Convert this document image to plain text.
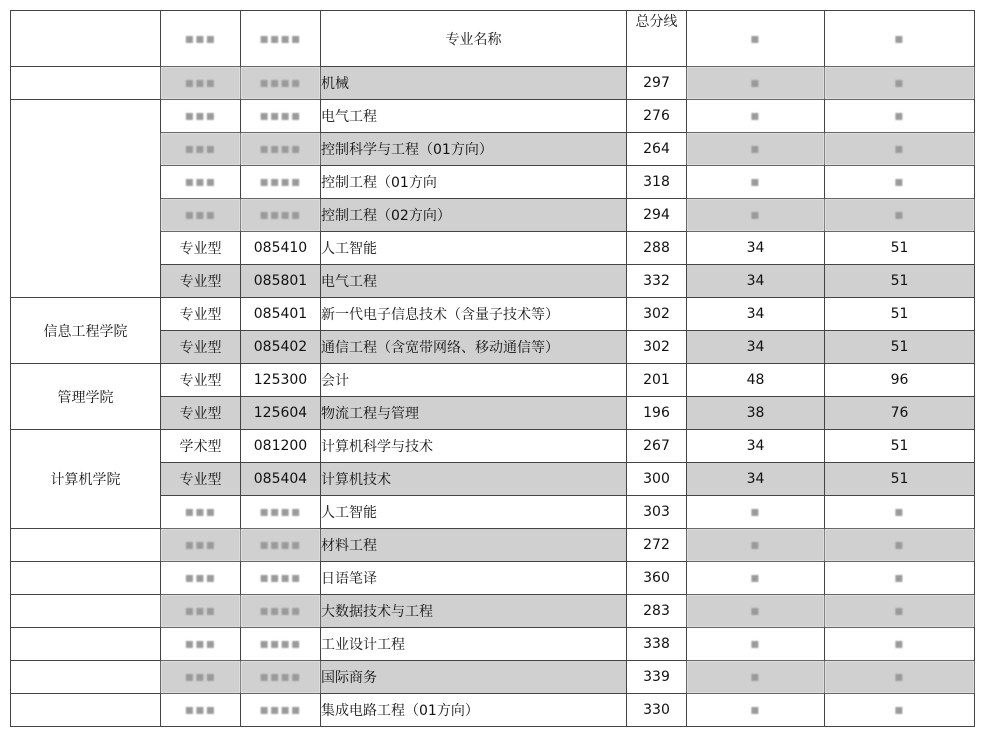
	▪▪▪	▪▪▪▪	专业名称	总分线	▪	▪
	▪▪▪	▪▪▪▪	机械	297	▪	▪
	▪▪▪	▪▪▪▪	电气工程	276	▪	▪
	▪▪▪	▪▪▪▪	控制科学与工程（01方向）	264	▪	▪
	▪▪▪	▪▪▪▪	控制工程（01方向	318	▪	▪
	▪▪▪	▪▪▪▪	控制工程（02方向）	294	▪	▪
	专业型	085410	人工智能	288	34	51
	专业型	085801	电气工程	332	34	51
信息工程学院	专业型	085401	新一代电子信息技术（含量子技术等）	302	34	51
	专业型	085402	通信工程（含宽带网络、移动通信等）	302	34	51
管理学院	专业型	125300	会计	201	48	96
	专业型	125604	物流工程与管理	196	38	76
计算机学院	学术型	081200	计算机科学与技术	267	34	51
	专业型	085404	计算机技术	300	34	51
	▪▪▪	▪▪▪▪	人工智能	303	▪	▪
	▪▪▪	▪▪▪▪	材料工程	272	▪	▪
	▪▪▪	▪▪▪▪	日语笔译	360	▪	▪
	▪▪▪	▪▪▪▪	大数据技术与工程	283	▪	▪
	▪▪▪	▪▪▪▪	工业设计工程	338	▪	▪
	▪▪▪	▪▪▪▪	国际商务	339	▪	▪
	▪▪▪	▪▪▪▪	集成电路工程（01方向）	330	▪	▪
